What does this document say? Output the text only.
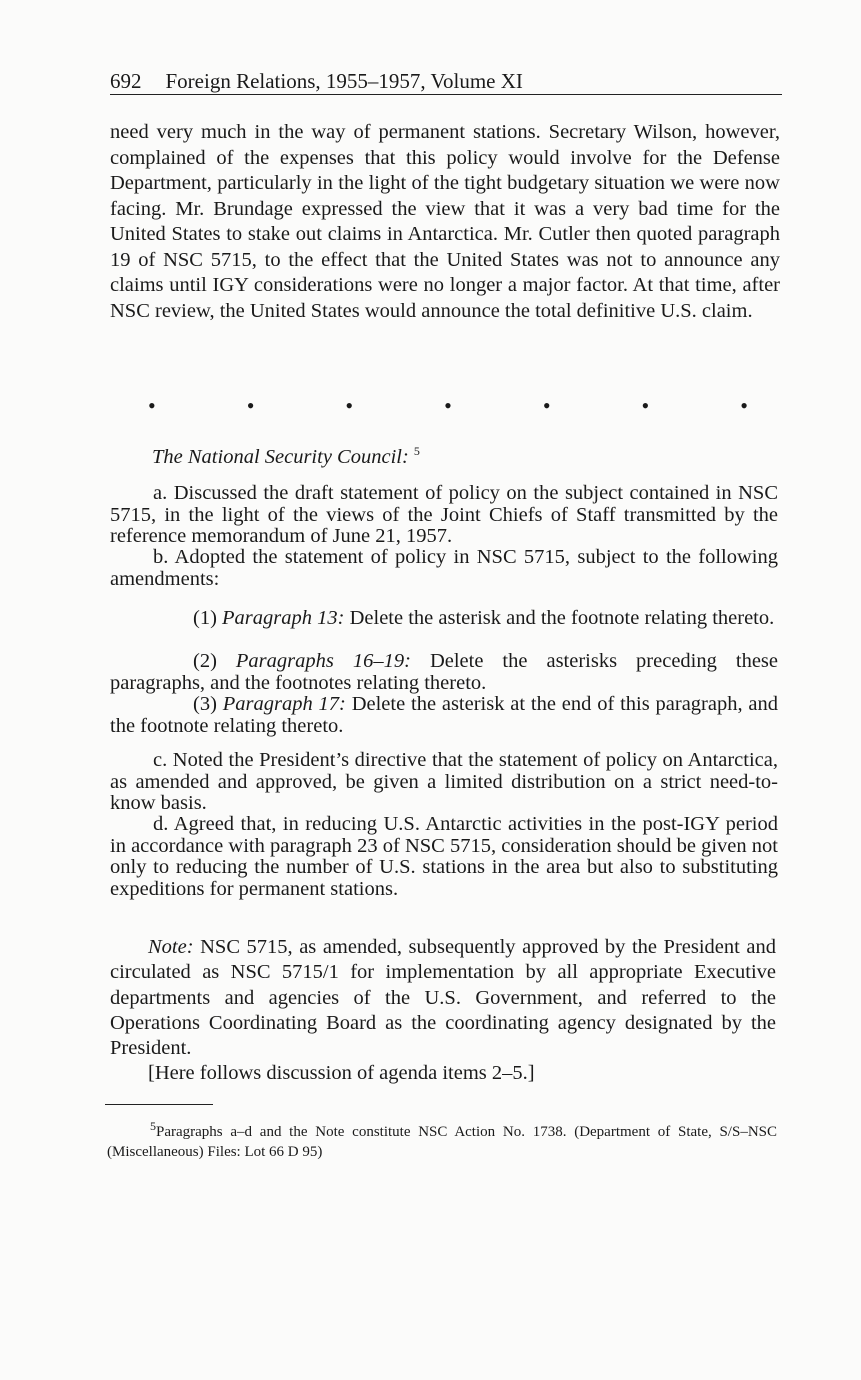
692 Foreign Relations, 1955–1957, Volume XI
need very much in the way of permanent stations. Secretary Wilson, however, complained of the expenses that this policy would involve for the Defense Department, particularly in the light of the tight budgetary situation we were now facing. Mr. Brundage expressed the view that it was a very bad time for the United States to stake out claims in Antarctica. Mr. Cutler then quoted paragraph 19 of NSC 5715, to the effect that the United States was not to announce any claims until IGY considerations were no longer a major factor. At that time, after NSC review, the United States would announce the total definitive U.S. claim.
•	•	•	•	•	•	•
The National Security Council: $^5$
a. Discussed the draft statement of policy on the subject contained in NSC 5715, in the light of the views of the Joint Chiefs of Staff transmitted by the reference memorandum of June 21, 1957.
b. Adopted the statement of policy in NSC 5715, subject to the following amendments:
(1) Paragraph 13: Delete the asterisk and the footnote relating thereto.
(2) Paragraphs 16–19: Delete the asterisks preceding these paragraphs, and the footnotes relating thereto.
(3) Paragraph 17: Delete the asterisk at the end of this paragraph, and the footnote relating thereto.
c. Noted the President’s directive that the statement of policy on Antarctica, as amended and approved, be given a limited distribution on a strict need-to-know basis.
d. Agreed that, in reducing U.S. Antarctic activities in the post-IGY period in accordance with paragraph 23 of NSC 5715, consideration should be given not only to reducing the number of U.S. stations in the area but also to substituting expeditions for permanent stations.
Note: NSC 5715, as amended, subsequently approved by the President and circulated as NSC 5715/1 for implementation by all appropriate Executive departments and agencies of the U.S. Government, and referred to the Operations Coordinating Board as the coordinating agency designated by the President.
[Here follows discussion of agenda items 2–5.]
$^5$Paragraphs a–d and the Note constitute NSC Action No. 1738. (Department of State, S/S–NSC (Miscellaneous) Files: Lot 66 D 95)
